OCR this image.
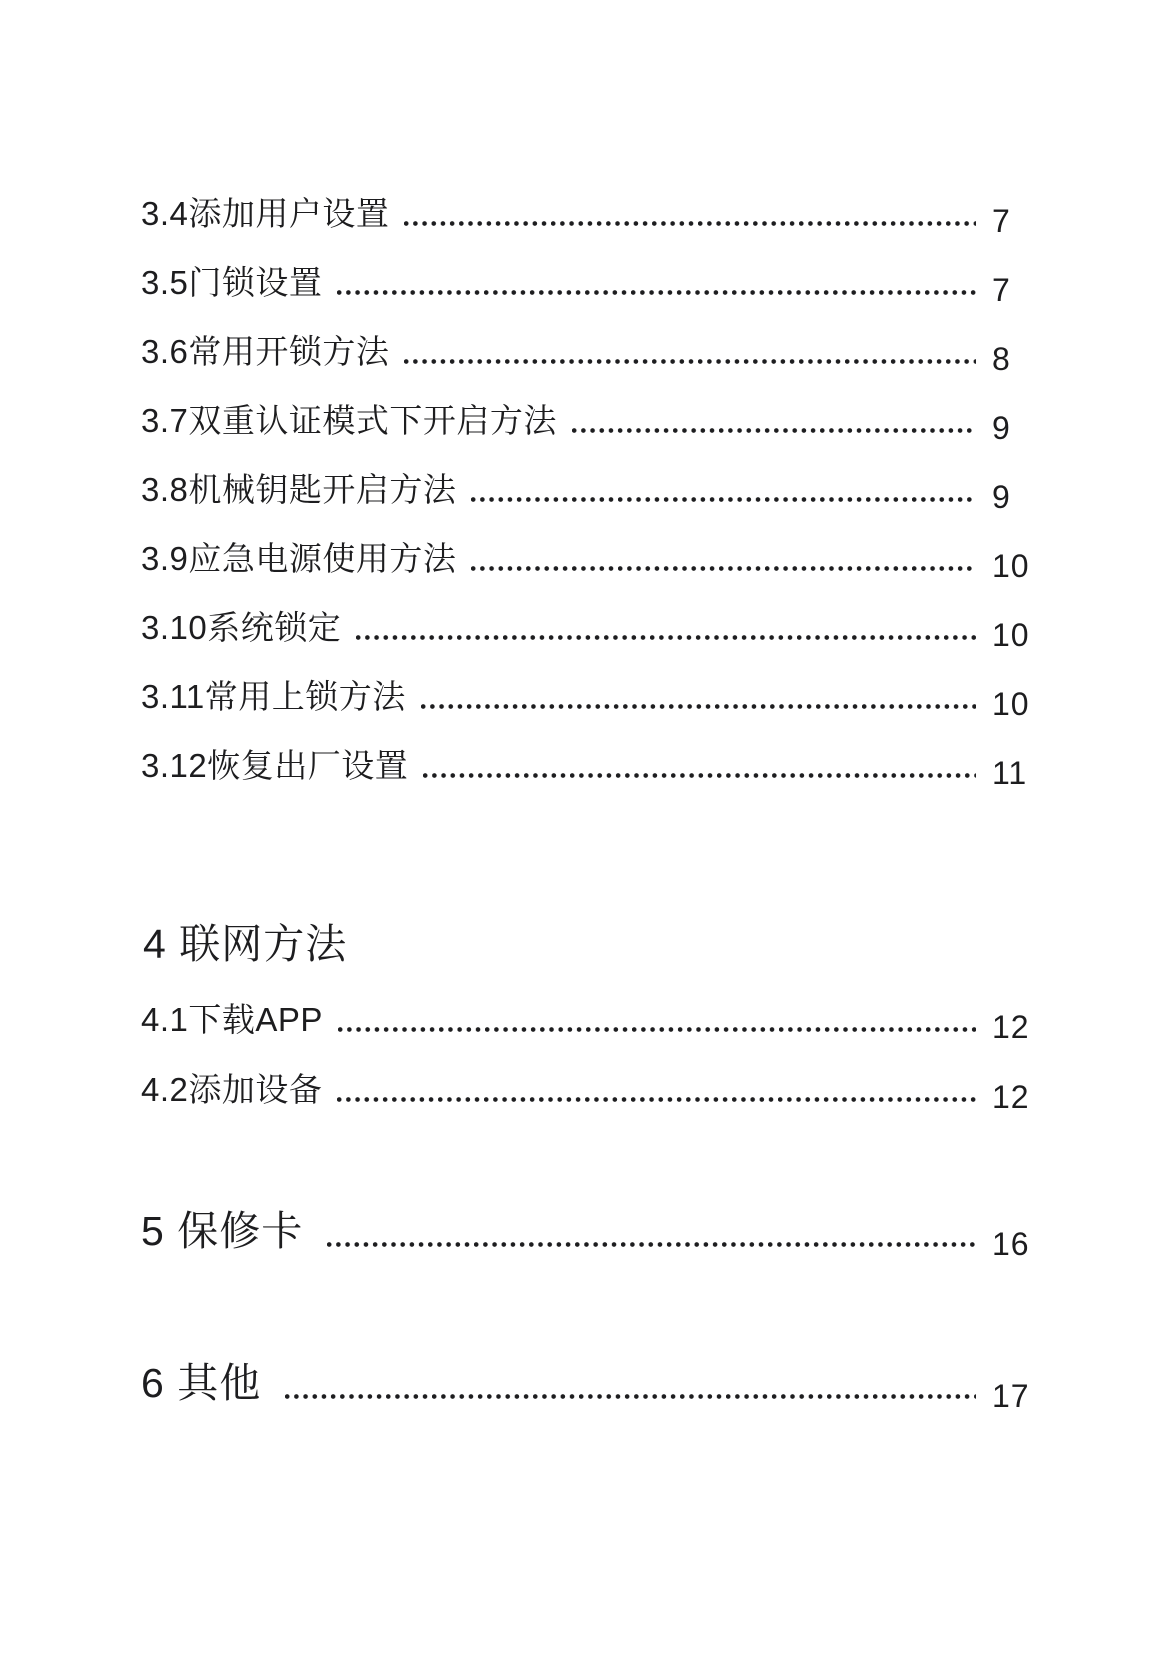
3.4添加用户设置	7
3.5门锁设置	7
3.6常用开锁方法	8
3.7双重认证模式下开启方法	9
3.8机械钥匙开启方法	9
3.9应急电源使用方法	10
3.10系统锁定	10
3.11常用上锁方法	10
3.12恢复出厂设置	11
4 联网方法
4.1下载APP	12
4.2添加设备	12
5 保修卡	16
6 其他	17
